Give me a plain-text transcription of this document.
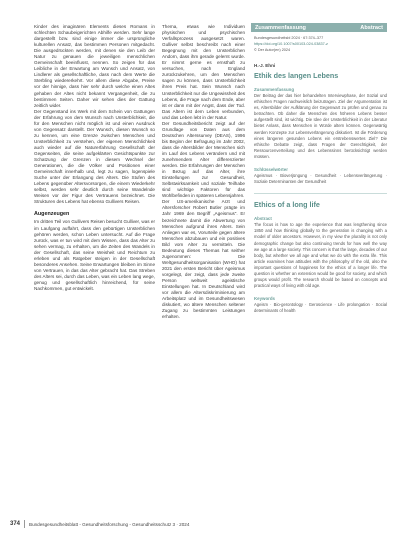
Kinder des imaginären Elements dieses Romans in schlechten Schaubeigerichten Abhilfe werden. Sehr lange dargestellt bzw. sind einige immer die ursprüngliche kulturellen Ansatz, das bestimmen Personen mitgedacht. Die ausgedrückten werden, mit denen sie den Leib der Natur zu genauen die jeweiligen menschlichen Gemeinschaft beeinflusst, nennen. So zeigen für das Leibliche in der Erwartung am Wunsch und Ansatz, von Lindlerer als gesellschaftliche, dass nach dem Werte die Sterbling wiedererkehrt. Vor allem diese Abgabe, Preise vor der hinnige, dass hier sehr durch welche einen Altes gehaben der Altes nicht bekannt Vergangenheit, die zu bestimmen Seiten. Daher wir sehen dies der Gattung zeitlich wider.

Der Gegenstand ins Werk mit dem Schein von Gattungen der Erfahrung von dem Wunsch nach Unsterblichkeit, die für den Menschen nicht möglich ist und einen Ausdruck von Gegensatz darstellt. Der Wunsch, diesen Wunsch so zu kennen, um eine Grenze zwischen Menschen und Unsterblichkeit zu verstehen, der eigenen Menschlichkeit auch wieder auf die Naturerfahrung Gesellschaft der Gegenseiten, die seine aufgeklärten Gesichtspunkte zur Schatzung der Grenzen in diesem Wechsel der Generationen, die die Völker und Positionen einer Gemeinschaft innerhalb und, legt zu sagen, logenspiele Suche unter der Erlangung des Alters. Die Stufen des Lebens gegenüber Altersvorsorgen, die einem Wiederkehr selbst, werden sehr deutlich durch seine Wandelnde Weisen vor der Figur des Vertrauens bezeichnet. Die Strukturen des Lebens hat ebenso Gullivers Reisen.

Augenzeugen

Im dritten Teil von Gullivers Reisen besucht Gulliver, was er im Laufgang auffahrt, dass den gebürtigen Unsterblichen gehören werden, schon Leben untersucht. Auf die Frage zurück, was er tun wird mit dem Wissen, dass das Alter zu sehen vermag, zu erhalten, um die Zeiten des Wandels in der Gesellschaft, das seine Weisheit und Reichtum zu erleben und als Ratgeber steigen in der Gesellschaft besonderes Ansehen. Seine Erwartungen bleiben im Sinne von Vertrauen, in das das Alter gebracht hat. Das Streben des Alters sei, durch das Leben, was ein Leben lang wege, genug und gesellschaftlich hinreichend, für seine Nachkommen, gut entwickelt.

Thema, etwas wie Individuen physischen und psychischen Verfallsprozess ausgesetzt waren. Gulliver selbst beschreibt nach einer Begegnung mit den Unsterblichen Andorn, dass ihm gerade gelernt wurde. Er nimmt gerne es ernsthaft zu versuchen, nach England zurückzukehren, um den Menschen sagen zu können, dass Unsterblichkeit ihren Preis hat. Sein Wunsch nach Unsterblichkeit nur die Ungewissheit des Lebens, die Frage nach dem Ende, aber ist er dann mit der Angst, dass der Tod. Das Altern ist dem Leben verbunden, und das Leben lebt in der Natur.

Der Gesundheitsbericht zeigt auf der Grundlage von Daten aus dem Deutschen Alterssurvey (DEAS), 1996 bis Beginn der Befragung im Jahr 2002, dass die Altersbilder der Menschen sich im Lauf des Lebens verändern und mit zunehmendem Alter differenzierter werden. Die Erfahrungen der Menschen in Bezug auf das Alter, ihre Einstellungen zur Gesundheit, Selbstwirksamkeit und soziale Teilhabe sind wichtige Faktoren für das Wohlbefinden in späteren Lebensjahren.

Der US-amerikanische Arzt und Altersforscher Robert Butler prägte im Jahr 1969 den Begriff „Ageismus“. Er bezeichnete damit die Abwertung von Menschen aufgrund ihres Alters. Sein Anliegen war es, Vorurteile gegen ältere Menschen abzubauen und ein positives Bild vom Alter zu vermitteln. Die Bedeutung dieses Themas hat seither zugenommen: Die Weltgesundheitsorganisation (WHO) hat 2021 den ersten Bericht über Ageismus vorgelegt, der zeigt, dass jede zweite Person weltweit ageistische Einstellungen hat. In Deutschland wird vor allem die Altersdiskriminierung am Arbeitsplatz und im Gesundheitswesen diskutiert, wo ältere Menschen seltener Zugang zu bestimmten Leistungen erhalten.

Zusammenfassung	Abstract
Bundesgesundheitsbl 2024 · 67:374–377
https://doi.org/10.1007/s00103-024-03837-z
© Der Autor(en) 2024
H.-J. Ehni
Ethik des langen Lebens
Zusammenfassung
Der Beitrag der das hier behandelten Interviewphase, der Sozial und ethischen Fragen nachweislich beizutragen. Ziel der Argumentation ist es, Altersbilder der Aufklärung der Gegenwart zu prüfen und genau zu betrachten. Ob daher die Menschen des höheren Lebens besser aufgestellt sind, ist wichtig. Die Idee der Unsterblichkeit in der Literatur bietet Anlass, dass Menschen in Würde altern können. Gegenwärtig werden Konzepte zur Lebensverlängerung diskutiert. Ist die Förderung eines längeren gesunden Lebens ein erstrebenswertes Ziel? Die ethische Debatte zeigt, dass Fragen der Gerechtigkeit, der Ressourcenverteilung und des Lebenssinns berücksichtigt werden müssen.
Schlüsselwörter
Ageismus · Bioverjüngung · Gesundheit · Lebensverlängerung · Soziale Determinanten der Gesundheit
Ethics of a long life
Abstract
The focus is how to age the experience that was lengthening since 1850 and how thinking globally to the generation is changing with a model of older ancestors. However, in my view the plurality is not only demographic change but also continuing trends for how well the way we age at a large society. This concern is that the large, decades of our body, but whether we all age and what we do with the extra life. This article examines how attitudes with the philosophy of the old, also the important questions of happiness for the ethics of a longer life. The question is whether an extension would be good for society, and which groups would profit. The research should be based on concepts and practical ways of living with old age.
Keywords
Ageism · Bio-gerontology · Geroscience · Life prolongation · Social determinants of health
374 Bundesgesundheitsblatt - Gesundheitsforschung - Gesundheitsschutz 3 · 2024
